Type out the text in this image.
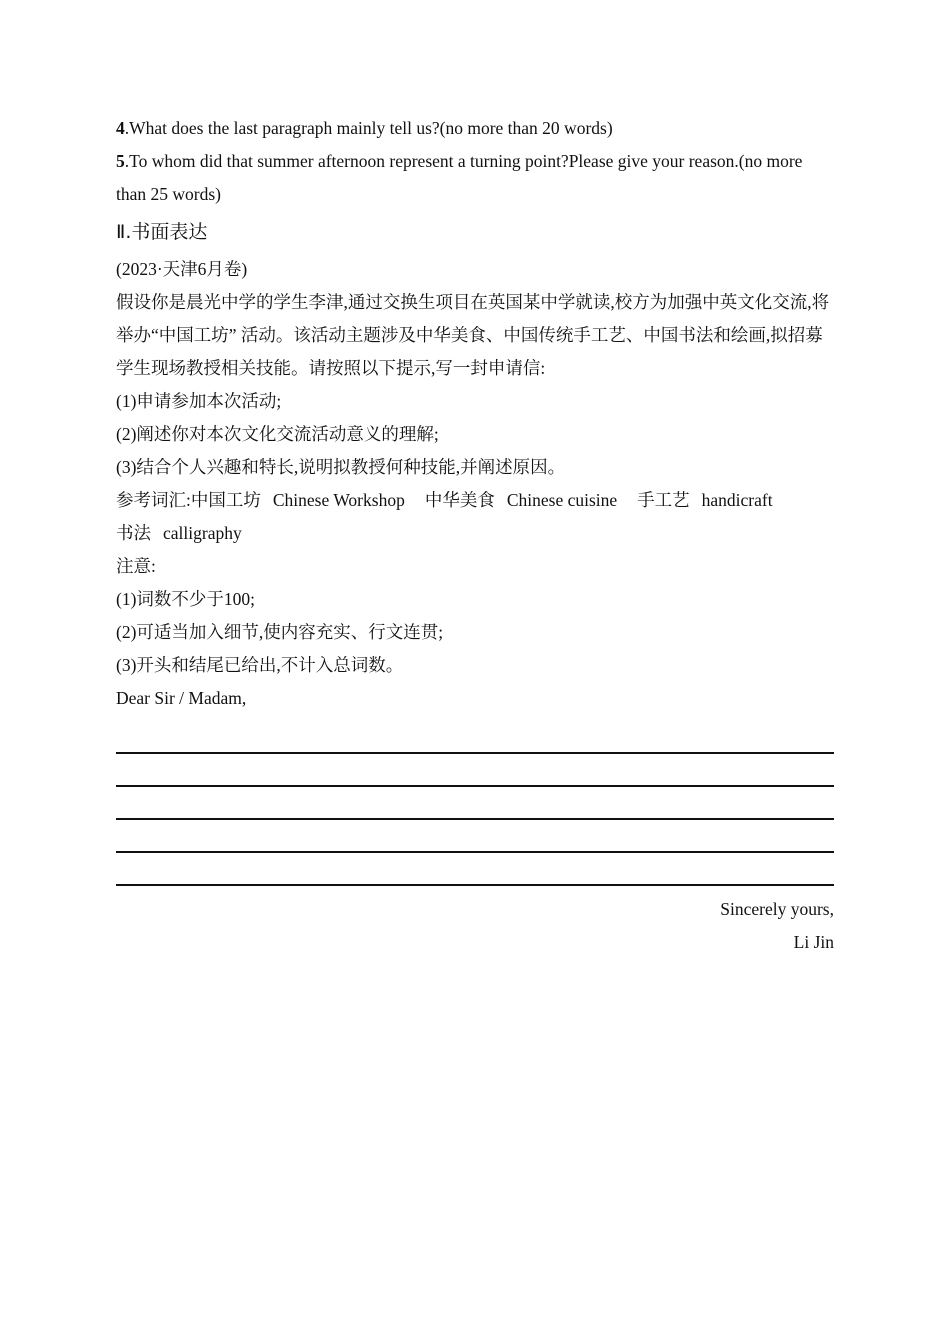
4.What does the last paragraph mainly tell us?(no more than 20 words)
5.To whom did that summer afternoon represent a turning point?Please give your reason.(no more than 25 words)
Ⅱ.书面表达
(2023·天津6月卷)
假设你是晨光中学的学生李津,通过交换生项目在英国某中学就读,校方为加强中英文化交流,将举办“中国工坊” 活动。该活动主题涉及中华美食、中国传统手工艺、中国书法和绘画,拟招募学生现场教授相关技能。请按照以下提示,写一封申请信:
(1)申请参加本次活动;
(2)阐述你对本次文化交流活动意义的理解;
(3)结合个人兴趣和特长,说明拟教授何种技能,并阐述原因。
参考词汇:中国工坊 Chinese Workshop 中华美食 Chinese cuisine 手工艺 handicraft
书法 calligraphy
注意:
(1)词数不少于100;
(2)可适当加入细节,使内容充实、行文连贯;
(3)开头和结尾已给出,不计入总词数。
Dear Sir / Madam,
Sincerely yours,
Li Jin
